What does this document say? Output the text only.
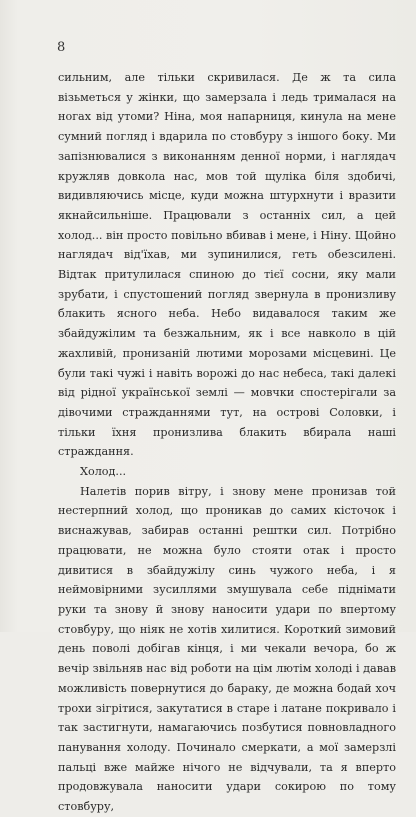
8

сильним, але тільки скривилася. Де ж та сила візьметься у жінки, що замерзала і ледь трималася на ногах від утоми? Ніна, моя напарниця, кинула на мене сумний погляд і вдарила по стовбуру з іншого боку. Ми запізнювалися з виконанням денної норми, і наглядач кружляв довкола нас, мов той щуліка біля здобичі, видивляючись місце, куди можна штурхнути і вразити якнайсильніше. Працювали з останніх сил, а цей холод... він просто повільно вбивав і мене, і Ніну. Щойно наглядач від'їхав, ми зупинилися, геть обезсилені. Відтак притулилася спиною до тієї сосни, яку мали зрубати, і спустошений погляд звернула в пронизливу блакить ясного неба. Небо видавалося таким же збайдужілим та безжальним, як і все навколо в цій жахливій, пронизаній лютими морозами місцевині. Це були такі чужі і навіть ворожі до нас небеса, такі далекі від рідної української землі — мовчки спостерігали за дівочими стражданнями тут, на острові Соловки, і тільки їхня пронизлива блакить вбирала наші страждання.

Холод...

Налетів порив вітру, і знову мене пронизав той нестерпний холод, що проникав до самих кісточок і виснажував, забирав останні рештки сил. Потрібно працювати, не можна було стояти отак і просто дивитися в збайдужілу синь чужого неба, і я неймовірними зусиллями змушувала себе піднімати руки та знову й знову наносити удари по впертому стовбуру, що ніяк не хотів хилитися. Короткий зимовий день поволі добігав кінця, і ми чекали вечора, бо ж вечір звільняв нас від роботи на цім лютім холоді і давав можливість повернутися до бараку, де можна бодай хоч трохи зігрітися, закутатися в старе і латане покривало і так застигнути, намагаючись позбутися повновладного панування холоду. Починало смеркати, а мої замерзлі пальці вже майже нічого не відчували, та я вперто продовжувала наносити удари сокирою по тому стовбуру,
